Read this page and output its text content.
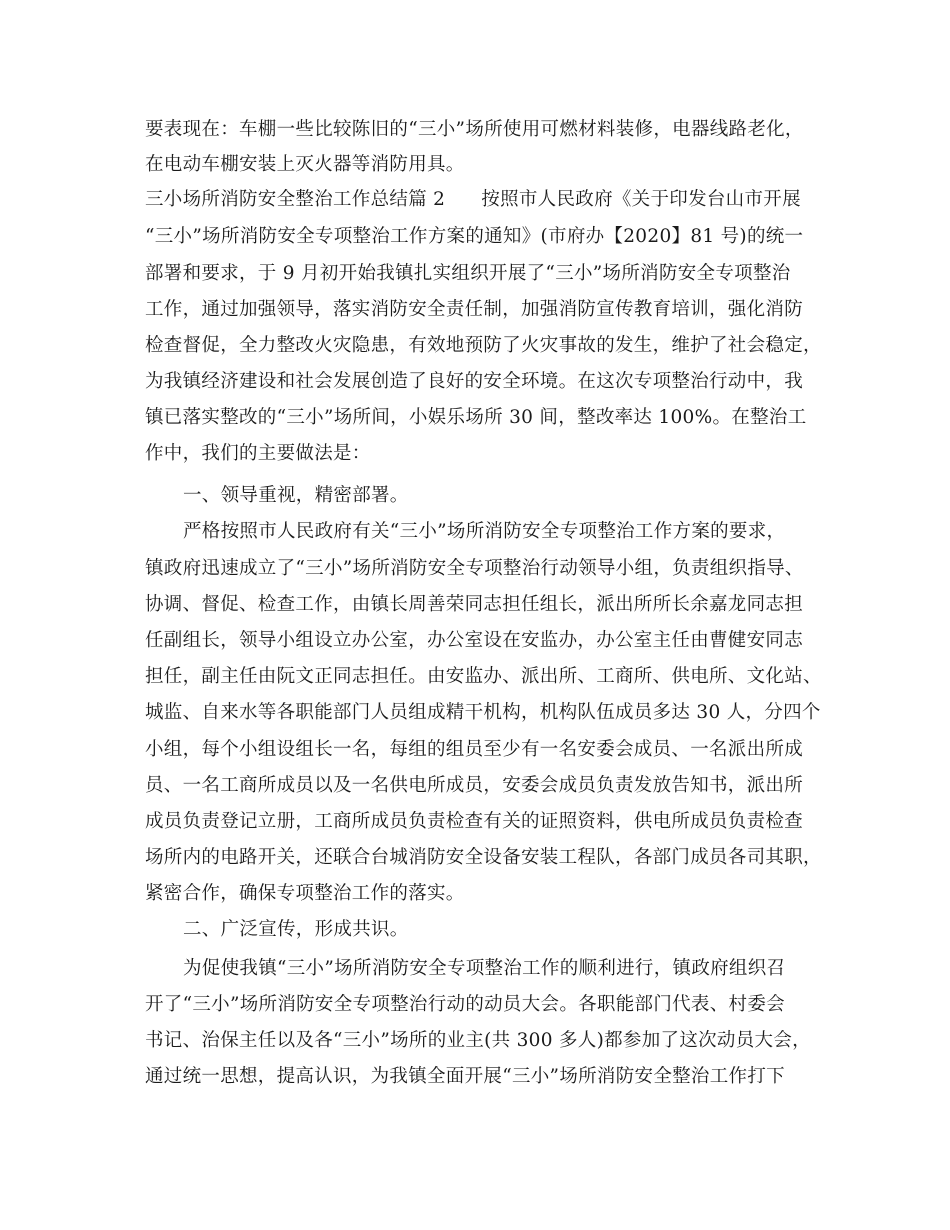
要表现在：车棚一些比较陈旧的“三小”场所使用可燃材料装修，电器线路老化，
在电动车棚安装上灭火器等消防用具。
三小场所消防安全整治工作总结篇 2 按照市人民政府《关于印发台山市开展
“三小”场所消防安全专项整治工作方案的通知》(市府办【2020】81 号)的统一
部署和要求，于 9 月初开始我镇扎实组织开展了“三小”场所消防安全专项整治
工作，通过加强领导，落实消防安全责任制，加强消防宣传教育培训，强化消防
检查督促，全力整改火灾隐患，有效地预防了火灾事故的发生，维护了社会稳定，
为我镇经济建设和社会发展创造了良好的安全环境。在这次专项整治行动中，我
镇已落实整改的“三小”场所间，小娱乐场所 30 间，整改率达 100%。在整治工
作中，我们的主要做法是：
一、领导重视，精密部署。
严格按照市人民政府有关“三小”场所消防安全专项整治工作方案的要求，
镇政府迅速成立了“三小”场所消防安全专项整治行动领导小组，负责组织指导、
协调、督促、检查工作，由镇长周善荣同志担任组长，派出所所长余嘉龙同志担
任副组长，领导小组设立办公室，办公室设在安监办，办公室主任由曹健安同志
担任，副主任由阮文正同志担任。由安监办、派出所、工商所、供电所、文化站、
城监、自来水等各职能部门人员组成精干机构，机构队伍成员多达 30 人，分四个
小组，每个小组设组长一名，每组的组员至少有一名安委会成员、一名派出所成
员、一名工商所成员以及一名供电所成员，安委会成员负责发放告知书，派出所
成员负责登记立册，工商所成员负责检查有关的证照资料，供电所成员负责检查
场所内的电路开关，还联合台城消防安全设备安装工程队，各部门成员各司其职，
紧密合作，确保专项整治工作的落实。
二、广泛宣传，形成共识。
为促使我镇“三小”场所消防安全专项整治工作的顺利进行，镇政府组织召
开了“三小”场所消防安全专项整治行动的动员大会。各职能部门代表、村委会
书记、治保主任以及各“三小”场所的业主(共 300 多人)都参加了这次动员大会，
通过统一思想，提高认识，为我镇全面开展“三小”场所消防安全整治工作打下
